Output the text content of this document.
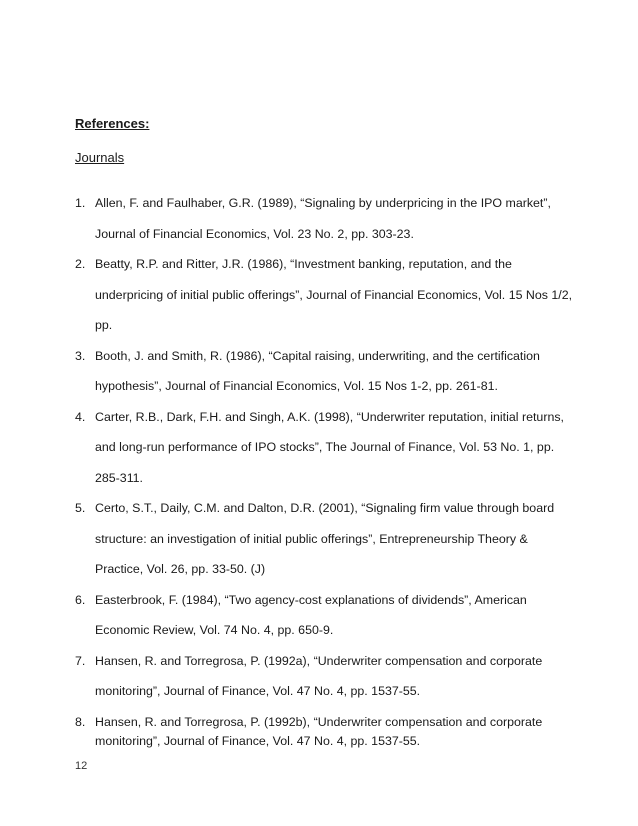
References:
Journals
1. Allen, F. and Faulhaber, G.R. (1989), “Signaling by underpricing in the IPO market”, Journal of Financial Economics, Vol. 23 No. 2, pp. 303-23.
2. Beatty, R.P. and Ritter, J.R. (1986), “Investment banking, reputation, and the underpricing of initial public offerings”, Journal of Financial Economics, Vol. 15 Nos 1/2, pp.
3. Booth, J. and Smith, R. (1986), “Capital raising, underwriting, and the certification hypothesis”, Journal of Financial Economics, Vol. 15 Nos 1-2, pp. 261-81.
4. Carter, R.B., Dark, F.H. and Singh, A.K. (1998), “Underwriter reputation, initial returns, and long-run performance of IPO stocks”, The Journal of Finance, Vol. 53 No. 1, pp. 285-311.
5. Certo, S.T., Daily, C.M. and Dalton, D.R. (2001), “Signaling firm value through board structure: an investigation of initial public offerings”, Entrepreneurship Theory & Practice, Vol. 26, pp. 33-50. (J)
6. Easterbrook, F. (1984), “Two agency-cost explanations of dividends”, American Economic Review, Vol. 74 No. 4, pp. 650-9.
7. Hansen, R. and Torregrosa, P. (1992a), “Underwriter compensation and corporate monitoring”, Journal of Finance, Vol. 47 No. 4, pp. 1537-55.
8. Hansen, R. and Torregrosa, P. (1992b), “Underwriter compensation and corporate monitoring”, Journal of Finance, Vol. 47 No. 4, pp. 1537-55.
12
